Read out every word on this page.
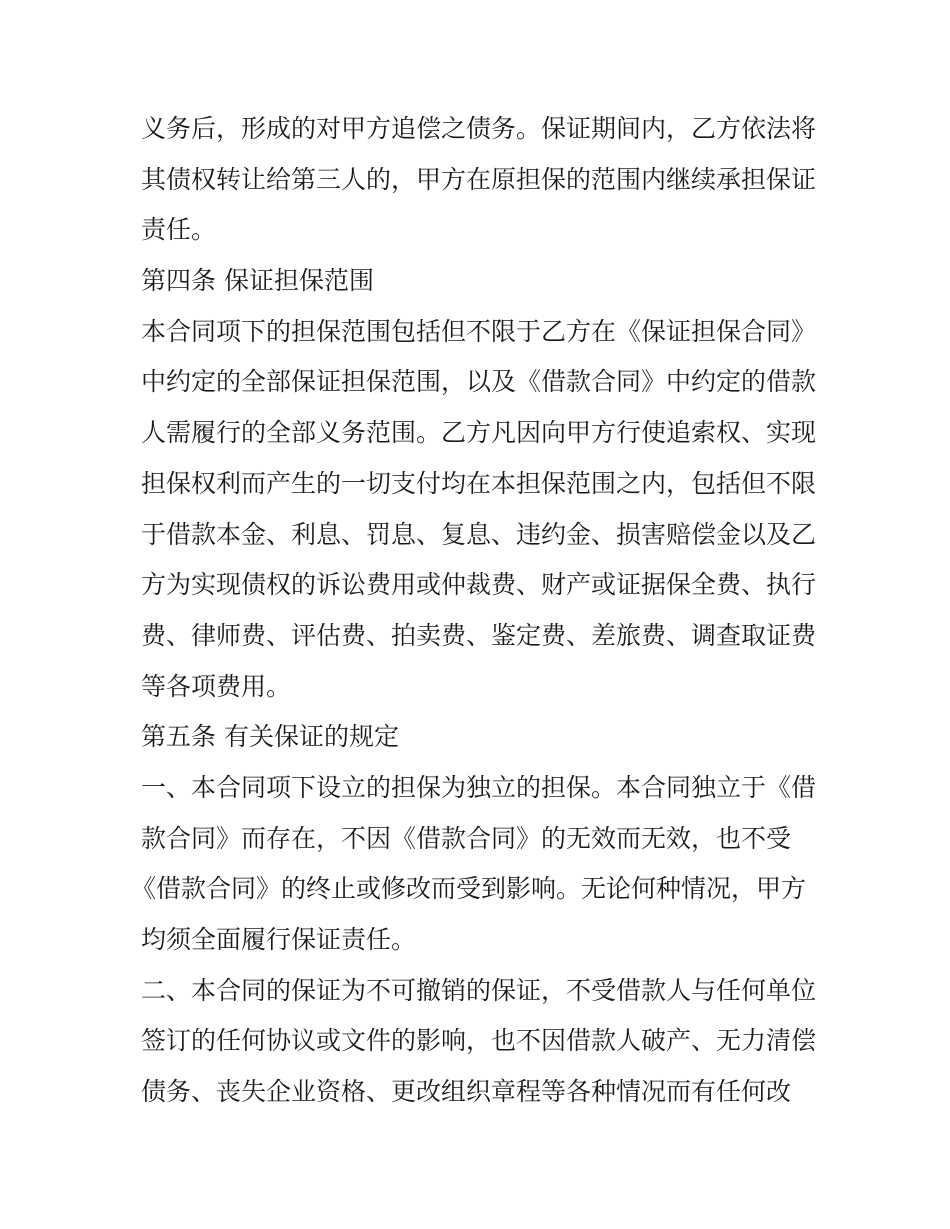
义务后，形成的对甲方追偿之债务。保证期间内，乙方依法将
其债权转让给第三人的，甲方在原担保的范围内继续承担保证
责任。
第四条 保证担保范围
本合同项下的担保范围包括但不限于乙方在《保证担保合同》
中约定的全部保证担保范围，以及《借款合同》中约定的借款
人需履行的全部义务范围。乙方凡因向甲方行使追索权、实现
担保权利而产生的一切支付均在本担保范围之内，包括但不限
于借款本金、利息、罚息、复息、违约金、损害赔偿金以及乙
方为实现债权的诉讼费用或仲裁费、财产或证据保全费、执行
费、律师费、评估费、拍卖费、鉴定费、差旅费、调查取证费
等各项费用。
第五条 有关保证的规定
一、本合同项下设立的担保为独立的担保。本合同独立于《借
款合同》而存在，不因《借款合同》的无效而无效，也不受
《借款合同》的终止或修改而受到影响。无论何种情况，甲方
均须全面履行保证责任。
二、本合同的保证为不可撤销的保证，不受借款人与任何单位
签订的任何协议或文件的影响，也不因借款人破产、无力清偿
债务、丧失企业资格、更改组织章程等各种情况而有任何改
